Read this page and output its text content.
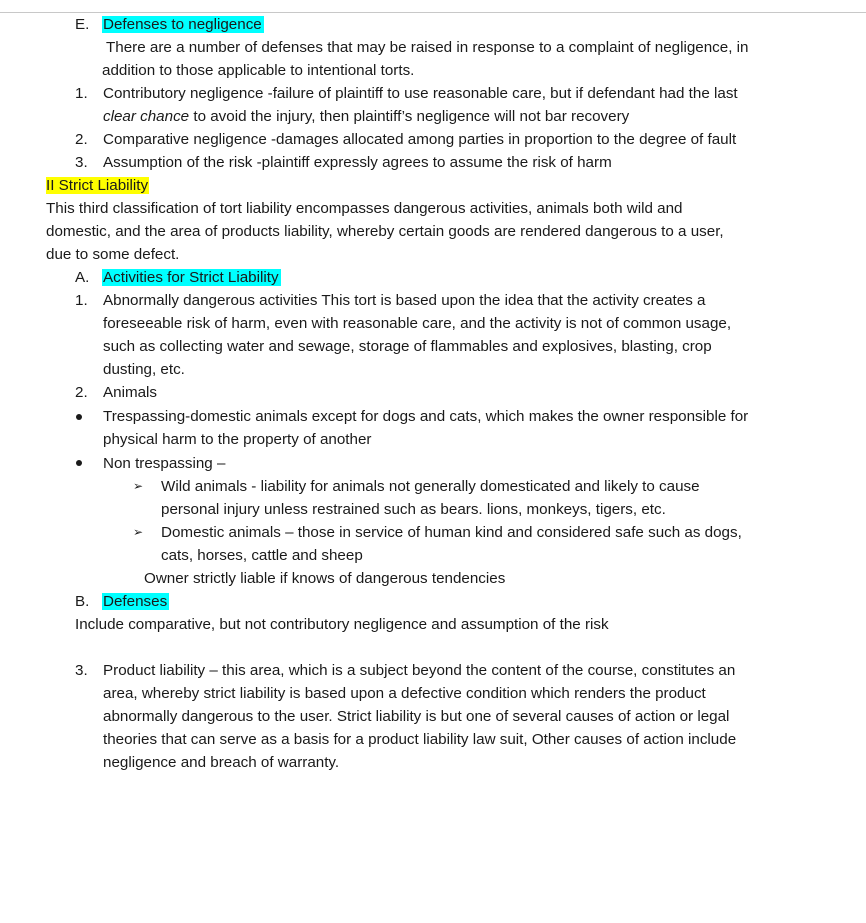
E. Defenses to negligence
There are a number of defenses that may be raised in response to a complaint of negligence, in
addition to those applicable to intentional torts.
1. Contributory negligence -failure of plaintiff to use reasonable care, but if defendant had the last
clear chance to avoid the injury, then plaintiff’s negligence will not bar recovery
2. Comparative negligence -damages allocated among parties in proportion to the degree of fault
3. Assumption of the risk -plaintiff expressly agrees to assume the risk of harm
II Strict Liability
This third classification of tort liability encompasses dangerous activities, animals both wild and
domestic, and the area of products liability, whereby certain goods are rendered dangerous to a user,
due to some defect.
A. Activities for Strict Liability
1. Abnormally dangerous activities This tort is based upon the idea that the activity creates a
foreseeable risk of harm, even with reasonable care, and the activity is not of common usage,
such as collecting water and sewage, storage of flammables and explosives, blasting, crop
dusting, etc.
2. Animals
Trespassing-domestic animals except for dogs and cats, which makes the owner responsible for
physical harm to the property of another
Non trespassing –
➢ Wild animals - liability for animals not generally domesticated and likely to cause
personal injury unless restrained such as bears. lions, monkeys, tigers, etc.
➢ Domestic animals – those in service of human kind and considered safe such as dogs,
cats, horses, cattle and sheep
Owner strictly liable if knows of dangerous tendencies
B. Defenses
Include comparative, but not contributory negligence and assumption of the risk
3. Product liability – this area, which is a subject beyond the content of the course, constitutes an
area, whereby strict liability is based upon a defective condition which renders the product
abnormally dangerous to the user. Strict liability is but one of several causes of action or legal
theories that can serve as a basis for a product liability law suit, Other causes of action include
negligence and breach of warranty.
